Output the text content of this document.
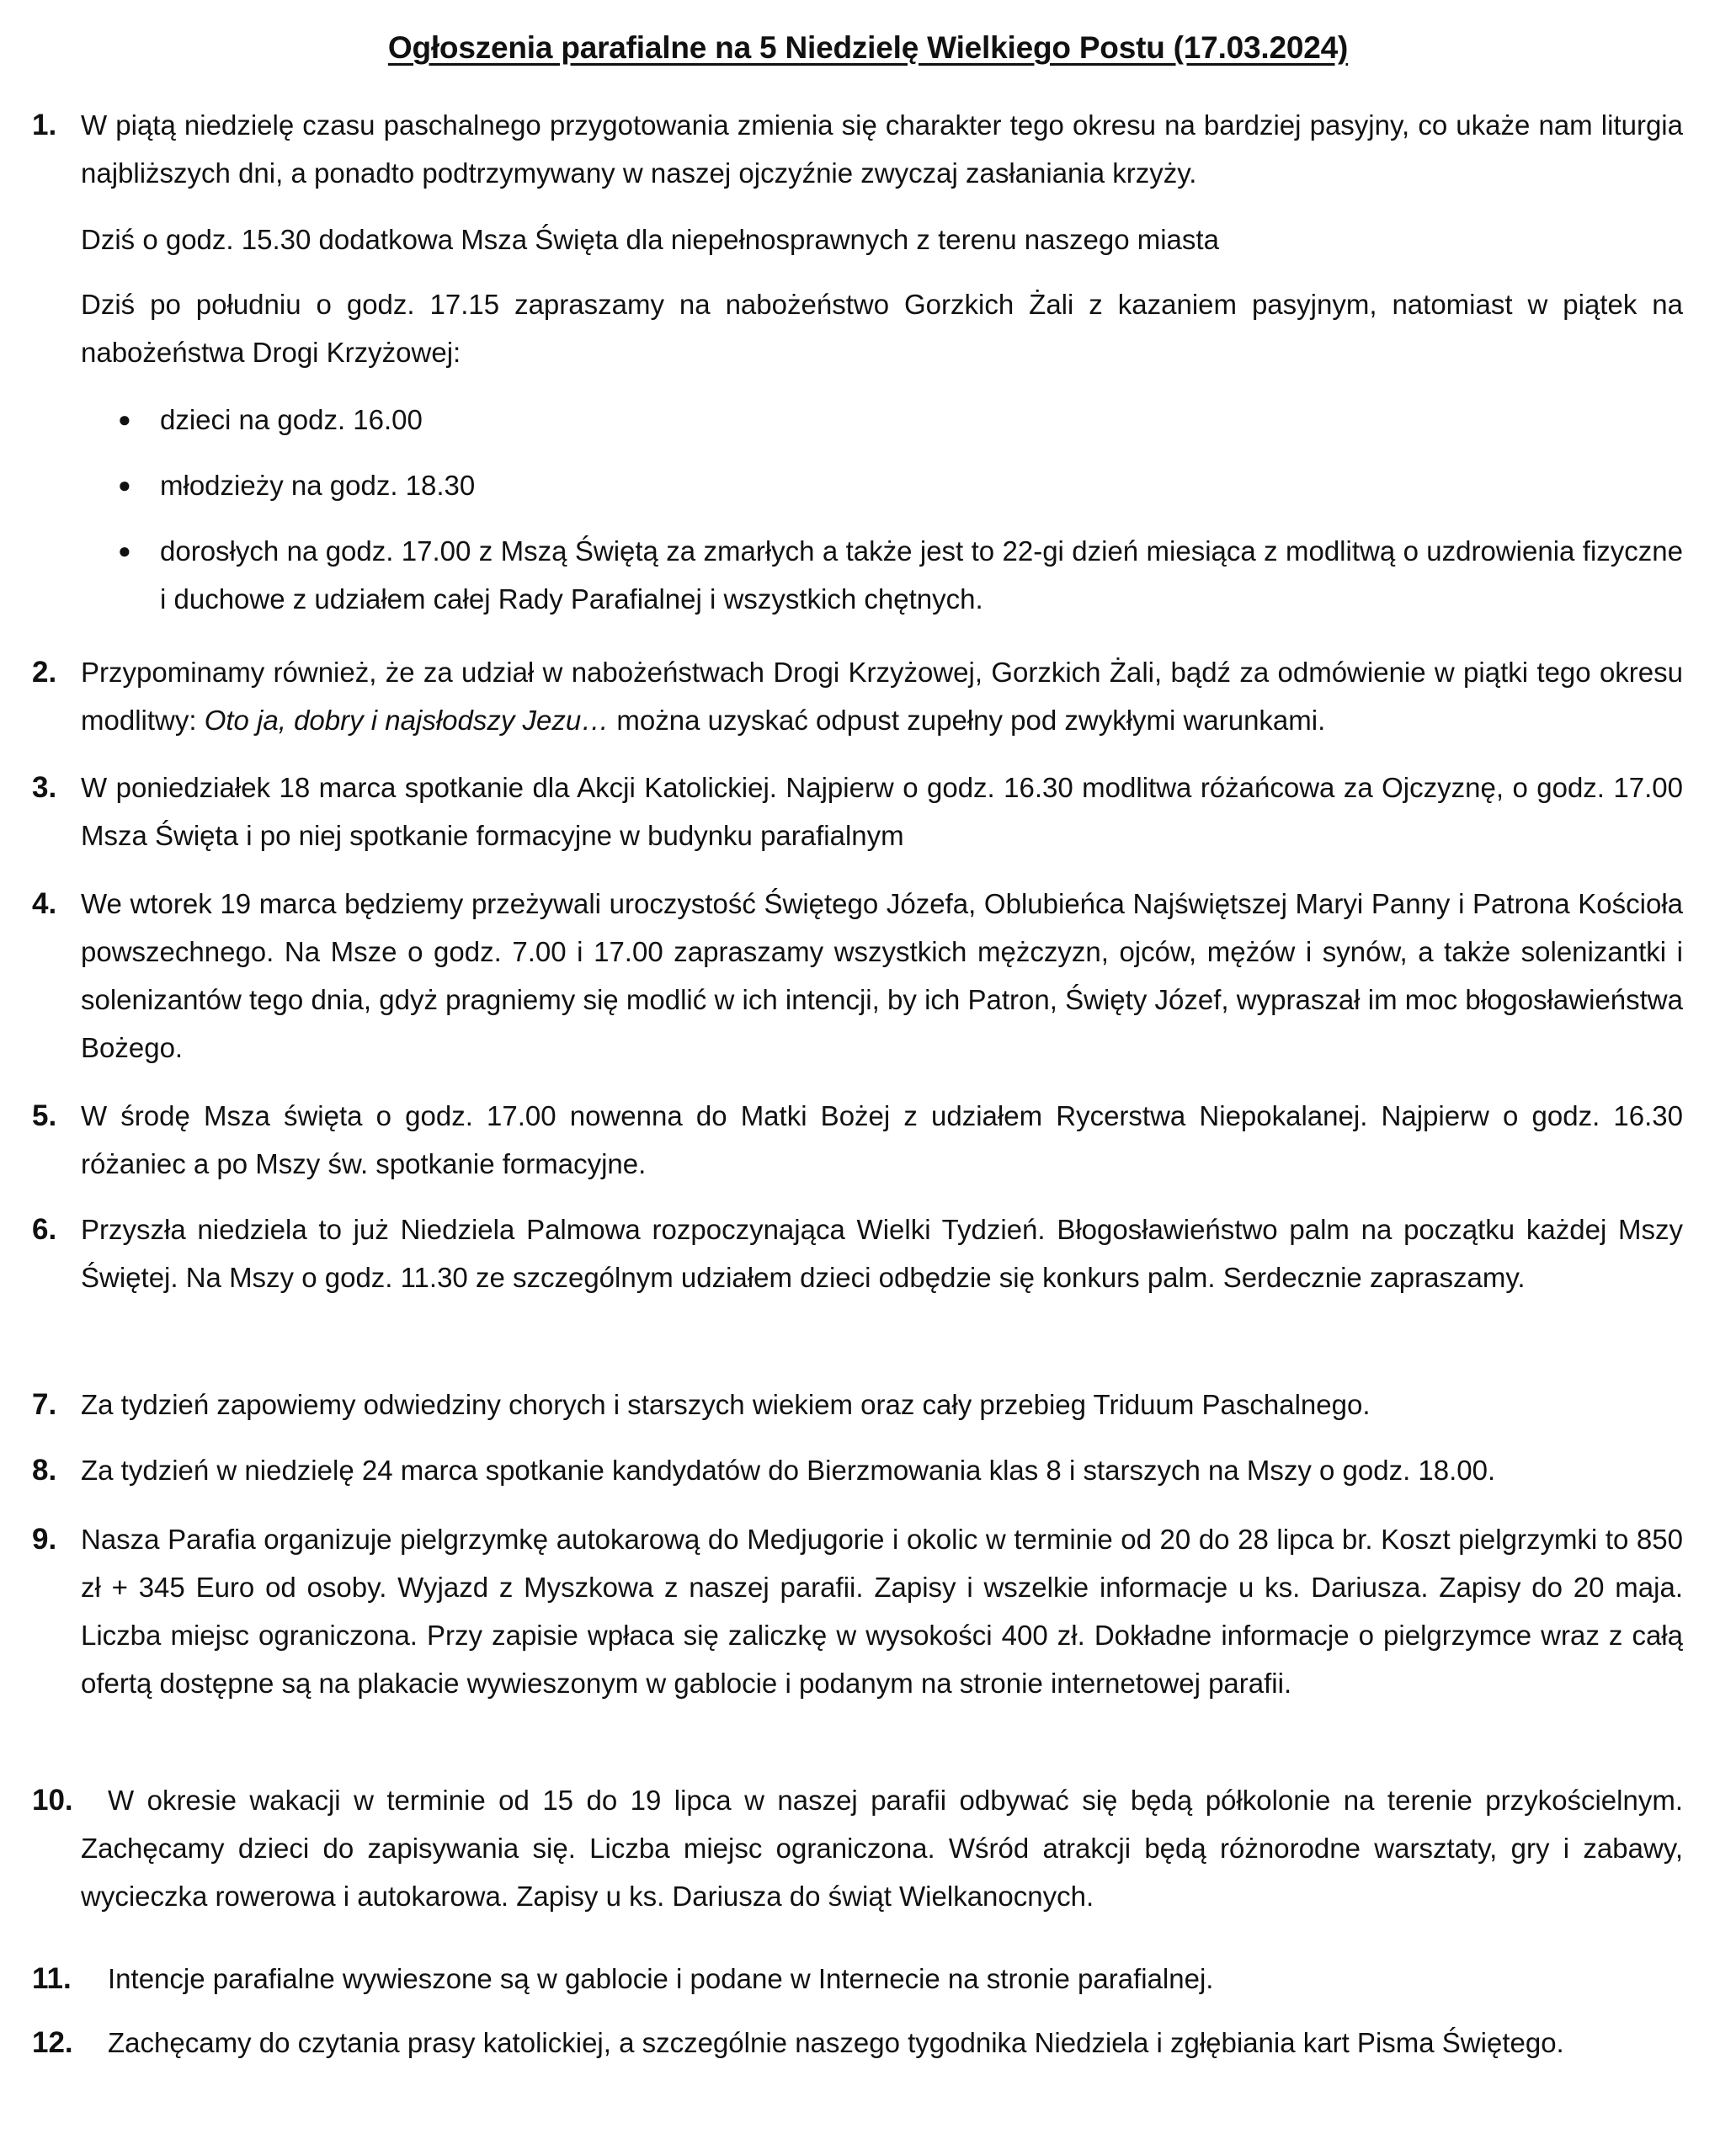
Ogłoszenia parafialne na 5 Niedzielę Wielkiego Postu (17.03.2024)
1. W piątą niedzielę czasu paschalnego przygotowania zmienia się charakter tego okresu na bardziej pasyjny, co ukaże nam liturgia najbliższych dni, a ponadto podtrzymywany w naszej ojczyźnie zwyczaj zasłaniania krzyży.
Dziś o godz. 15.30 dodatkowa Msza Święta dla niepełnosprawnych z terenu naszego miasta
Dziś po południu o godz. 17.15 zapraszamy na nabożeństwo Gorzkich Żali z kazaniem pasyjnym, natomiast w piątek na nabożeństwa Drogi Krzyżowej:
● dzieci na godz. 16.00
● młodzieży na godz. 18.30
● dorosłych na godz. 17.00 z Mszą Świętą za zmarłych a także jest to 22-gi dzień miesiąca z modlitwą o uzdrowienia fizyczne i duchowe z udziałem całej Rady Parafialnej i wszystkich chętnych.
2. Przypominamy również, że za udział w nabożeństwach Drogi Krzyżowej, Gorzkich Żali, bądź za odmówienie w piątki tego okresu modlitwy: Oto ja, dobry i najsłodszy Jezu… można uzyskać odpust zupełny pod zwykłymi warunkami.
3. W poniedziałek 18 marca spotkanie dla Akcji Katolickiej. Najpierw o godz. 16.30 modlitwa różańcowa za Ojczyznę, o godz. 17.00 Msza Święta i po niej spotkanie formacyjne w budynku parafialnym
4. We wtorek 19 marca będziemy przeżywali uroczystość Świętego Józefa, Oblubieńca Najświętszej Maryi Panny i Patrona Kościoła powszechnego. Na Msze o godz. 7.00 i 17.00 zapraszamy wszystkich mężczyzn, ojców, mężów i synów, a także solenizantki i solenizantów tego dnia, gdyż pragniemy się modlić w ich intencji, by ich Patron, Święty Józef, wypraszał im moc błogosławieństwa Bożego.
5. W środę Msza święta o godz. 17.00 nowenna do Matki Bożej z udziałem Rycerstwa Niepokalanej. Najpierw o godz. 16.30 różaniec a po Mszy św. spotkanie formacyjne.
6. Przyszła niedziela to już Niedziela Palmowa rozpoczynająca Wielki Tydzień. Błogosławieństwo palm na początku każdej Mszy Świętej. Na Mszy o godz. 11.30 ze szczególnym udziałem dzieci odbędzie się konkurs palm. Serdecznie zapraszamy.
7. Za tydzień zapowiemy odwiedziny chorych i starszych wiekiem oraz cały przebieg Triduum Paschalnego.
8. Za tydzień w niedzielę 24 marca spotkanie kandydatów do Bierzmowania klas 8 i starszych na Mszy o godz. 18.00.
9. Nasza Parafia organizuje pielgrzymkę autokarową do Medjugorie i okolic w terminie od 20 do 28 lipca br. Koszt pielgrzymki to 850 zł + 345 Euro od osoby. Wyjazd z Myszkowa z naszej parafii. Zapisy i wszelkie informacje u ks. Dariusza. Zapisy do 20 maja. Liczba miejsc ograniczona. Przy zapisie wpłaca się zaliczkę w wysokości 400 zł. Dokładne informacje o pielgrzymce wraz z całą ofertą dostępne są na plakacie wywieszonym w gablocie i podanym na stronie internetowej parafii.
10.	W okresie wakacji w terminie od 15 do 19 lipca w naszej parafii odbywać się będą półkolonie na terenie przykościelnym. Zachęcamy dzieci do zapisywania się. Liczba miejsc ograniczona. Wśród atrakcji będą różnorodne warsztaty, gry i zabawy, wycieczka rowerowa i autokarowa. Zapisy u ks. Dariusza do świąt Wielkanocnych.
11.	Intencje parafialne wywieszone są w gablocie i podane w Internecie na stronie parafialnej.
12.	Zachęcamy do czytania prasy katolickiej, a szczególnie naszego tygodnika Niedziela i zgłębiania kart Pisma Świętego.
